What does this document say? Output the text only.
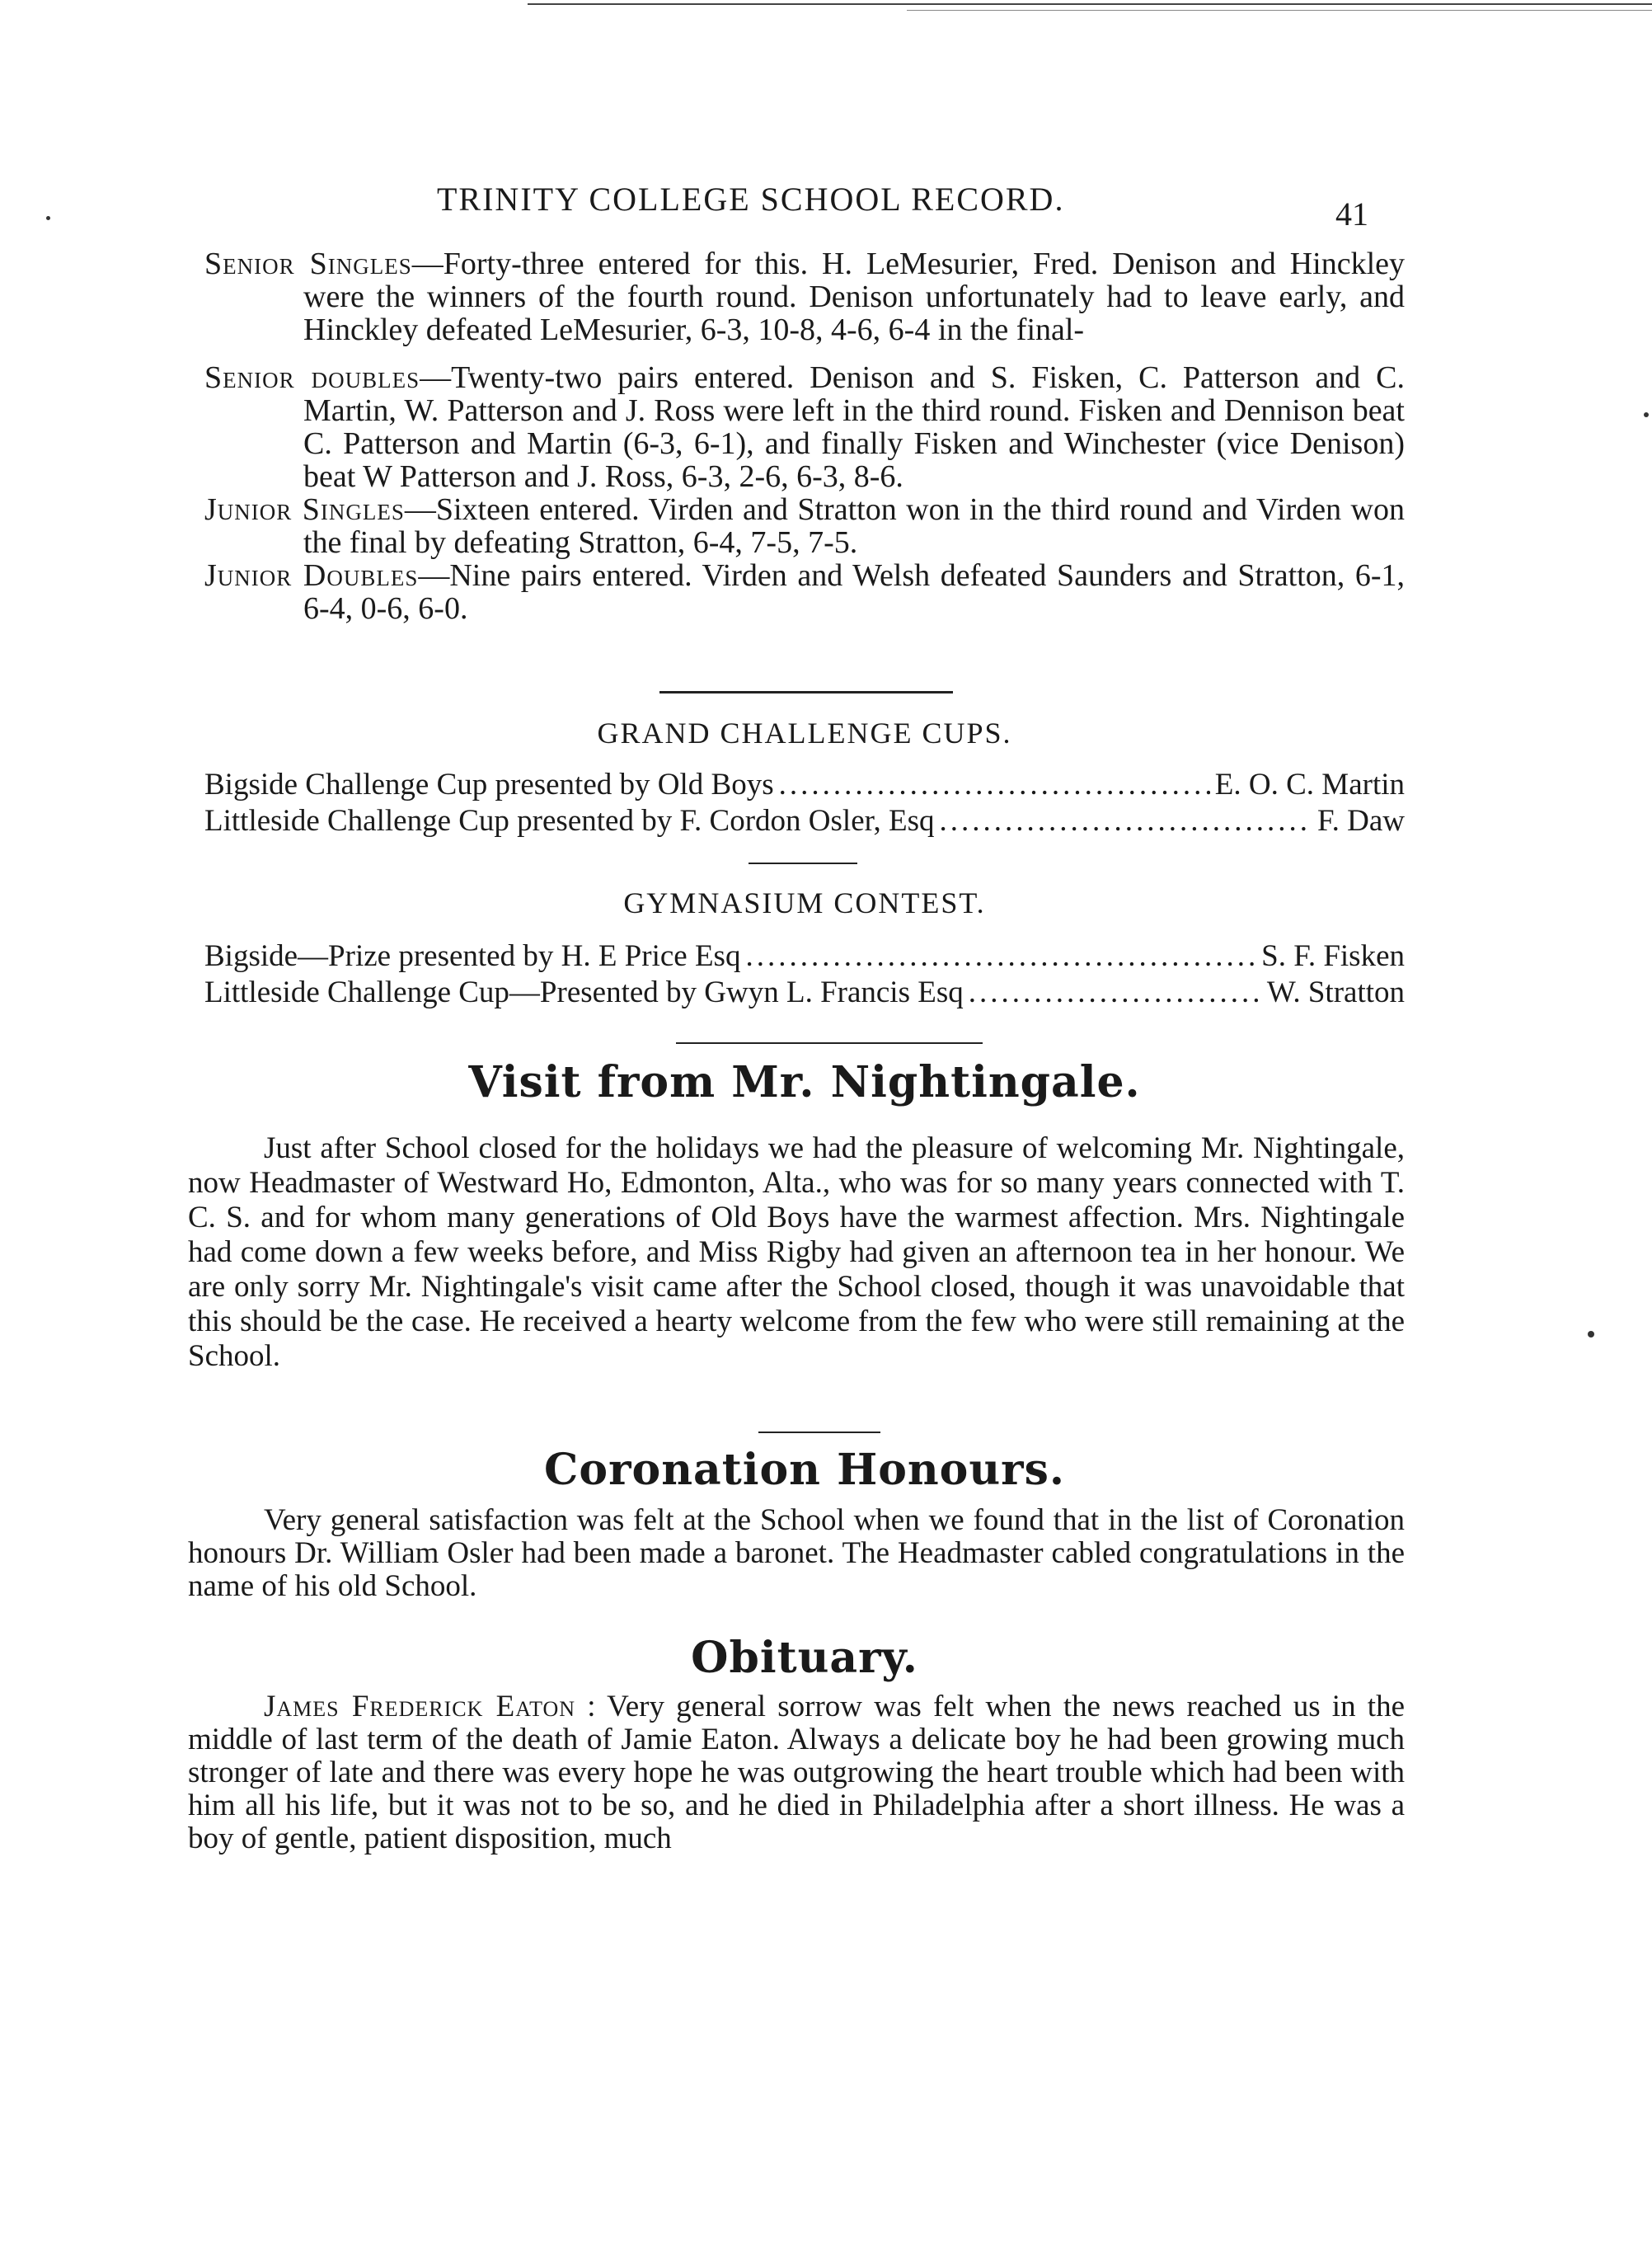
TRINITY COLLEGE SCHOOL RECORD.	41

Senior Singles—Forty-three entered for this. H. LeMesurier, Fred. Denison and Hinckley were the winners of the fourth round. Denison unfortunately had to leave early, and Hinckley defeated LeMesurier, 6-3, 10-8, 4-6, 6-4 in the final-

Senior doubles—Twenty-two pairs entered. Denison and S. Fisken, C. Patterson and C. Martin, W. Patterson and J. Ross were left in the third round. Fisken and Dennison beat C. Patterson and Martin (6-3, 6-1), and finally Fisken and Winchester (vice Denison) beat W Patterson and J. Ross, 6-3, 2-6, 6-3, 8-6.

Junior Singles—Sixteen entered. Virden and Stratton won in the third round and Virden won the final by defeating Stratton, 6-4, 7-5, 7-5.

Junior Doubles—Nine pairs entered. Virden and Welsh defeated Saunders and Stratton, 6-1, 6-4, 0-6, 6-0.

GRAND CHALLENGE CUPS.
Bigside Challenge Cup presented by Old Boys .....	E. O. C. Martin
Littleside Challenge Cup presented by F. Cordon Osler, Esq .....	F. Daw
GYMNASIUM CONTEST.
Bigside—Prize presented by H. E Price Esq .....	S. F. Fisken
Littleside Challenge Cup—Presented by Gwyn L. Francis Esq .....	W. Stratton
Visit from Mr. Nightingale.

Just after School closed for the holidays we had the pleasure of welcoming Mr. Nightingale, now Headmaster of Westward Ho, Edmonton, Alta., who was for so many years connected with T. C. S. and for whom many generations of Old Boys have the warmest affection. Mrs. Nightingale had come down a few weeks before, and Miss Rigby had given an afternoon tea in her honour. We are only sorry Mr. Nightingale's visit came after the School closed, though it was unavoidable that this should be the case. He received a hearty welcome from the few who were still remaining at the School.

Coronation Honours.

Very general satisfaction was felt at the School when we found that in the list of Coronation honours Dr. William Osler had been made a baronet. The Headmaster cabled congratulations in the name of his old School.

Obituary.

James Frederick Eaton : Very general sorrow was felt when the news reached us in the middle of last term of the death of Jamie Eaton. Always a delicate boy he had been growing much stronger of late and there was every hope he was outgrowing the heart trouble which had been with him all his life, but it was not to be so, and he died in Philadelphia after a short illness. He was a boy of gentle, patient disposition, much
